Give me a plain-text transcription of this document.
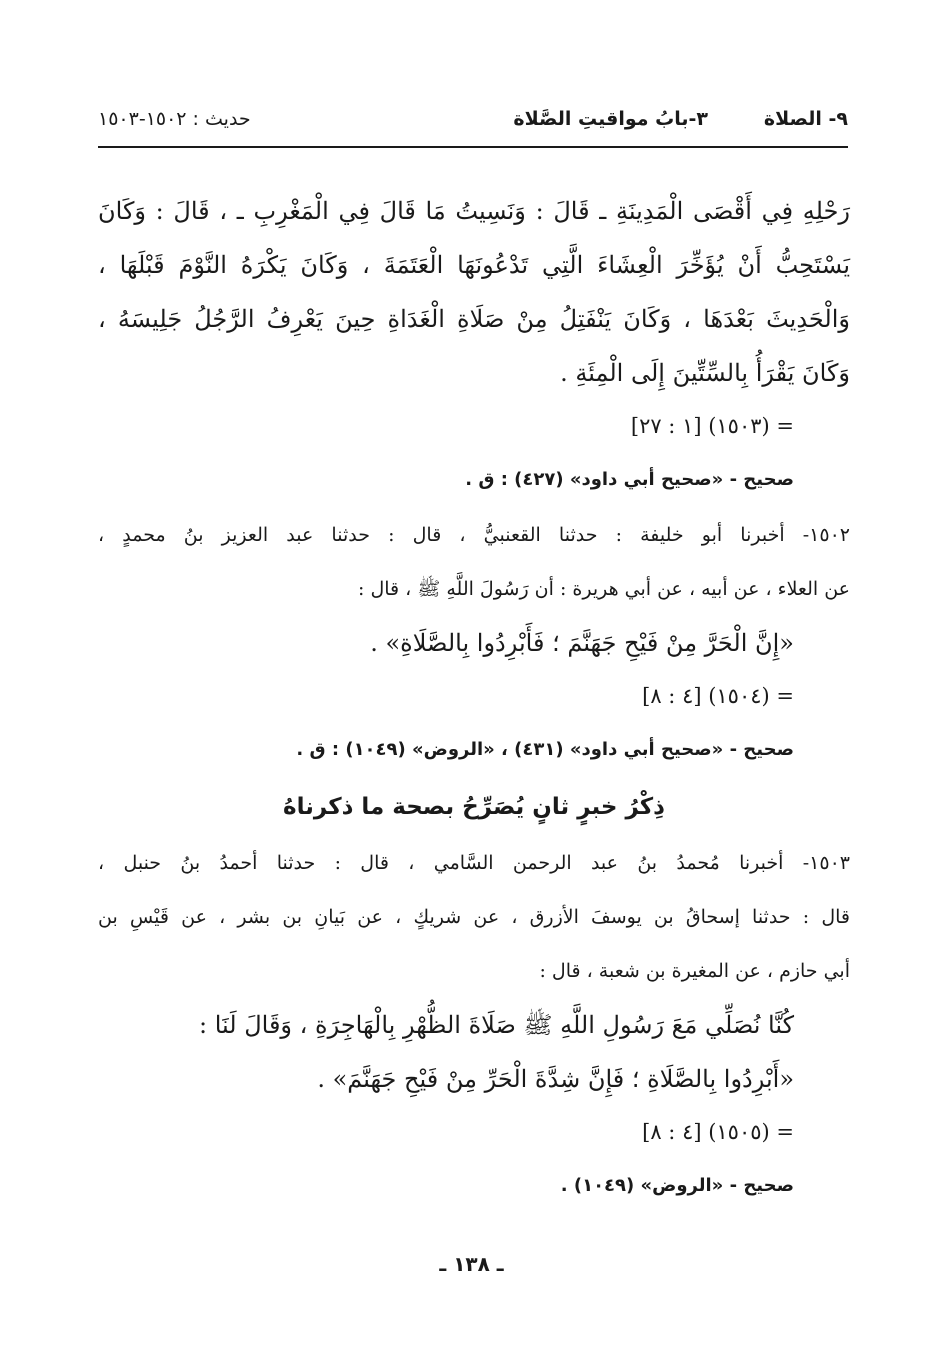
٩- الصلاة
٣-بابُ مواقيتِ الصَّلاة
حديث : ١٥٠٢-١٥٠٣

رَحْلِهِ فِي أَقْصَى الْمَدِينَةِ ـ قَالَ : وَنَسِيتُ مَا قَالَ فِي الْمَغْرِبِ ـ ، قَالَ : وَكَانَ

يَسْتَحِبُّ أَنْ يُؤَخِّرَ الْعِشَاءَ الَّتِي تَدْعُونَهَا الْعَتَمَةَ ، وَكَانَ يَكْرَهُ النَّوْمَ قَبْلَهَا ،

وَالْحَدِيثَ بَعْدَهَا ، وَكَانَ يَنْفَتِلُ مِنْ صَلَاةِ الْغَدَاةِ حِينَ يَعْرِفُ الرَّجُلُ جَلِيسَهُ ،

وَكَانَ يَقْرَأُ بِالسِّتِّينَ إِلَى الْمِئَةِ .

= (١٥٠٣) [١ : ٢٧]

صحيح - «صحيح أبي داود» (٤٢٧) : ق .

١٥٠٢- أخبرنا أبو خليفة : حدثنا القعنبيُّ ، قال : حدثنا عبد العزيز بنُ محمدٍ ،

عن العلاء ، عن أبيه ، عن أبي هريرة : أن رَسُولَ اللَّهِ ﷺ ، قال :

«إِنَّ الْحَرَّ مِنْ فَيْحِ جَهَنَّمَ ؛ فَأَبْرِدُوا بِالصَّلَاةِ» .

= (١٥٠٤) [٤ : ٨]

صحيح - «صحيح أبي داود» (٤٣١) ، «الروض» (١٠٤٩) : ق .

ذِكْرُ خبرٍ ثانٍ يُصَرِّحُ بصحة ما ذكرناهُ

١٥٠٣- أخبرنا مُحمدُ بنُ عبد الرحمن السَّامي ، قال : حدثنا أحمدُ بنُ حنبل ،

قال : حدثنا إسحاقُ بن يوسفَ الأزرق ، عن شريكٍ ، عن بَيانِ بن بشر ، عن قَيْسِ بن

أبي حازم ، عن المغيرة بن شعبة ، قال :

كُنَّا نُصَلِّي مَعَ رَسُولِ اللَّهِ ﷺ صَلَاةَ الظُّهْرِ بِالْهَاجِرَةِ ، وَقَالَ لَنَا :

«أَبْرِدُوا بِالصَّلَاةِ ؛ فَإِنَّ شِدَّةَ الْحَرِّ مِنْ فَيْحِ جَهَنَّمَ» .

= (١٥٠٥) [٤ : ٨]

صحيح - «الروض» (١٠٤٩) .

ـ ١٣٨ ـ
